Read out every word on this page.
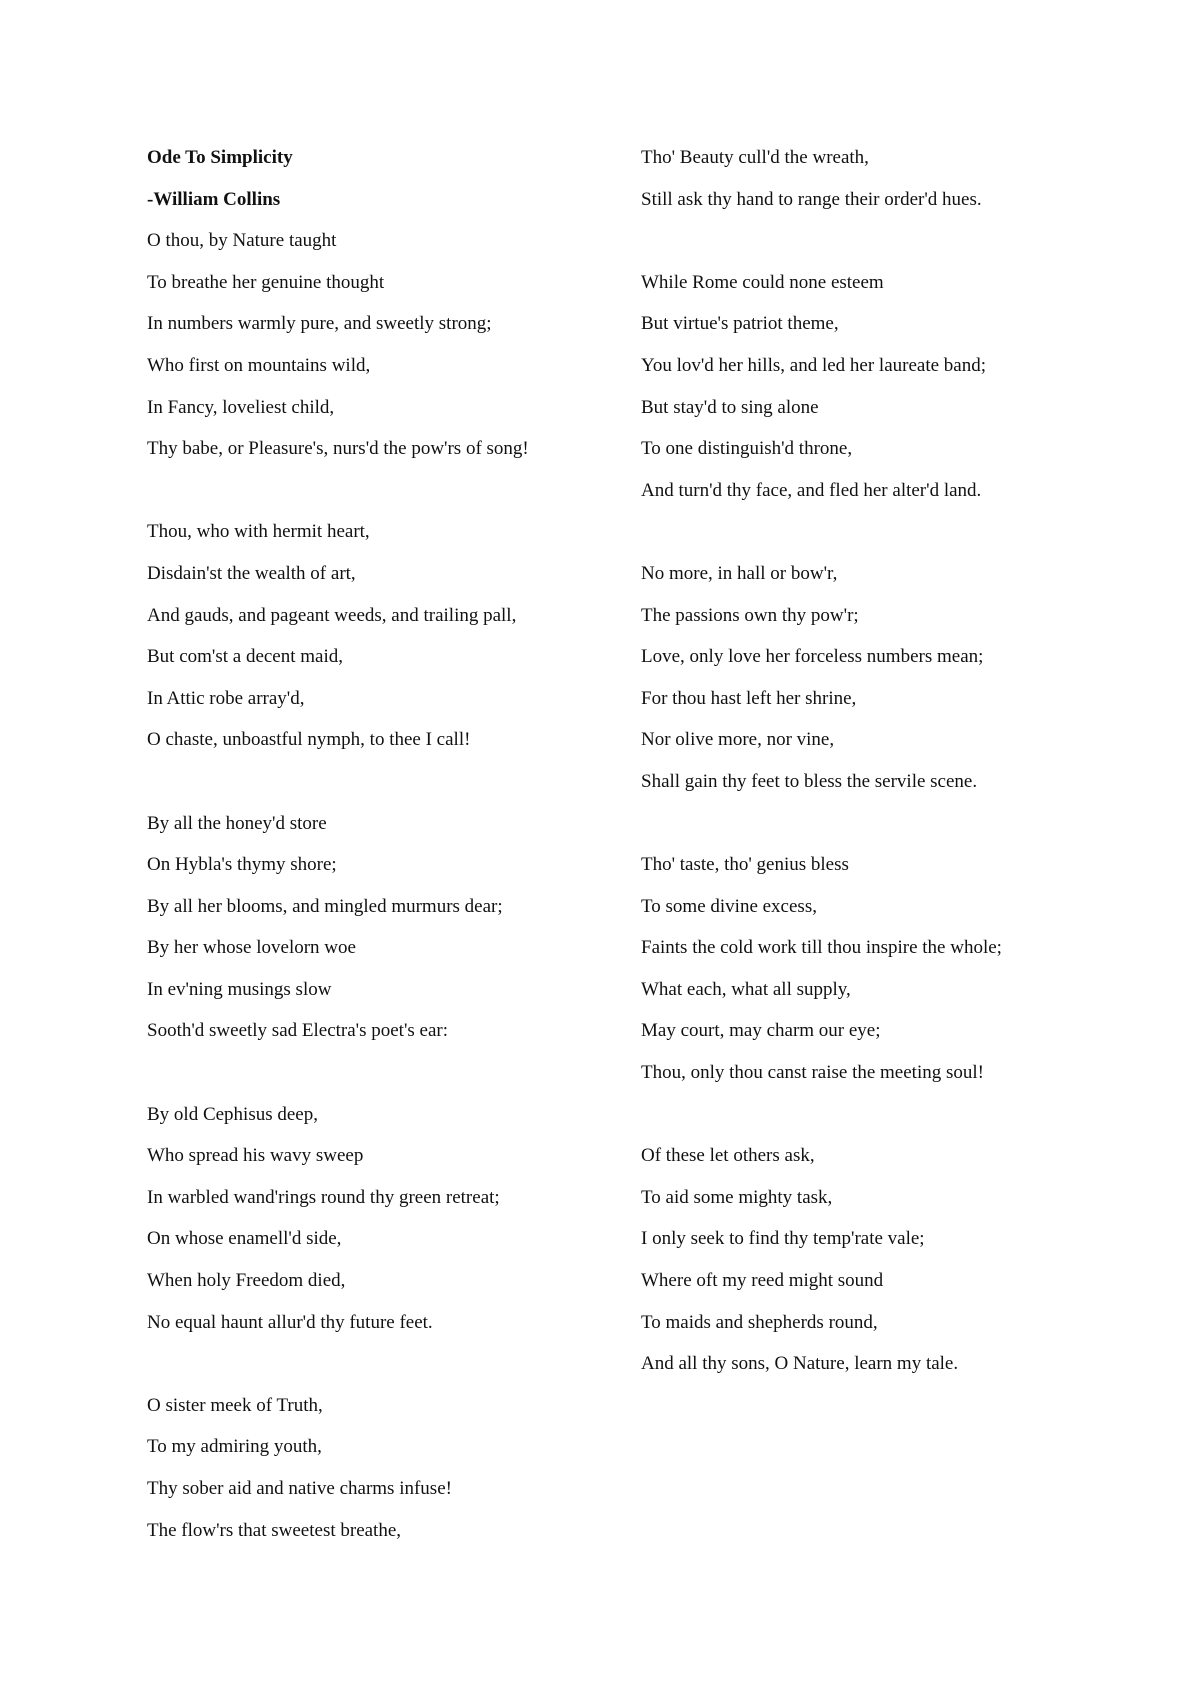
Ode To Simplicity
-William Collins
O thou, by Nature taught
To breathe her genuine thought
In numbers warmly pure, and sweetly strong;
Who first on mountains wild,
In Fancy, loveliest child,
Thy babe, or Pleasure's, nurs'd the pow'rs of song!
Thou, who with hermit heart,
Disdain'st the wealth of art,
And gauds, and pageant weeds, and trailing pall,
But com'st a decent maid,
In Attic robe array'd,
O chaste, unboastful nymph, to thee I call!
By all the honey'd store
On Hybla's thymy shore;
By all her blooms, and mingled murmurs dear;
By her whose lovelorn woe
In ev'ning musings slow
Sooth'd sweetly sad Electra's poet's ear:
By old Cephisus deep,
Who spread his wavy sweep
In warbled wand'rings round thy green retreat;
On whose enamell'd side,
When holy Freedom died,
No equal haunt allur'd thy future feet.
O sister meek of Truth,
To my admiring youth,
Thy sober aid and native charms infuse!
The flow'rs that sweetest breathe,
Tho' Beauty cull'd the wreath,
Still ask thy hand to range their order'd hues.
While Rome could none esteem
But virtue's patriot theme,
You lov'd her hills, and led her laureate band;
But stay'd to sing alone
To one distinguish'd throne,
And turn'd thy face, and fled her alter'd land.
No more, in hall or bow'r,
The passions own thy pow'r;
Love, only love her forceless numbers mean;
For thou hast left her shrine,
Nor olive more, nor vine,
Shall gain thy feet to bless the servile scene.
Tho' taste, tho' genius bless
To some divine excess,
Faints the cold work till thou inspire the whole;
What each, what all supply,
May court, may charm our eye;
Thou, only thou canst raise the meeting soul!
Of these let others ask,
To aid some mighty task,
I only seek to find thy temp'rate vale;
Where oft my reed might sound
To maids and shepherds round,
And all thy sons, O Nature, learn my tale.
